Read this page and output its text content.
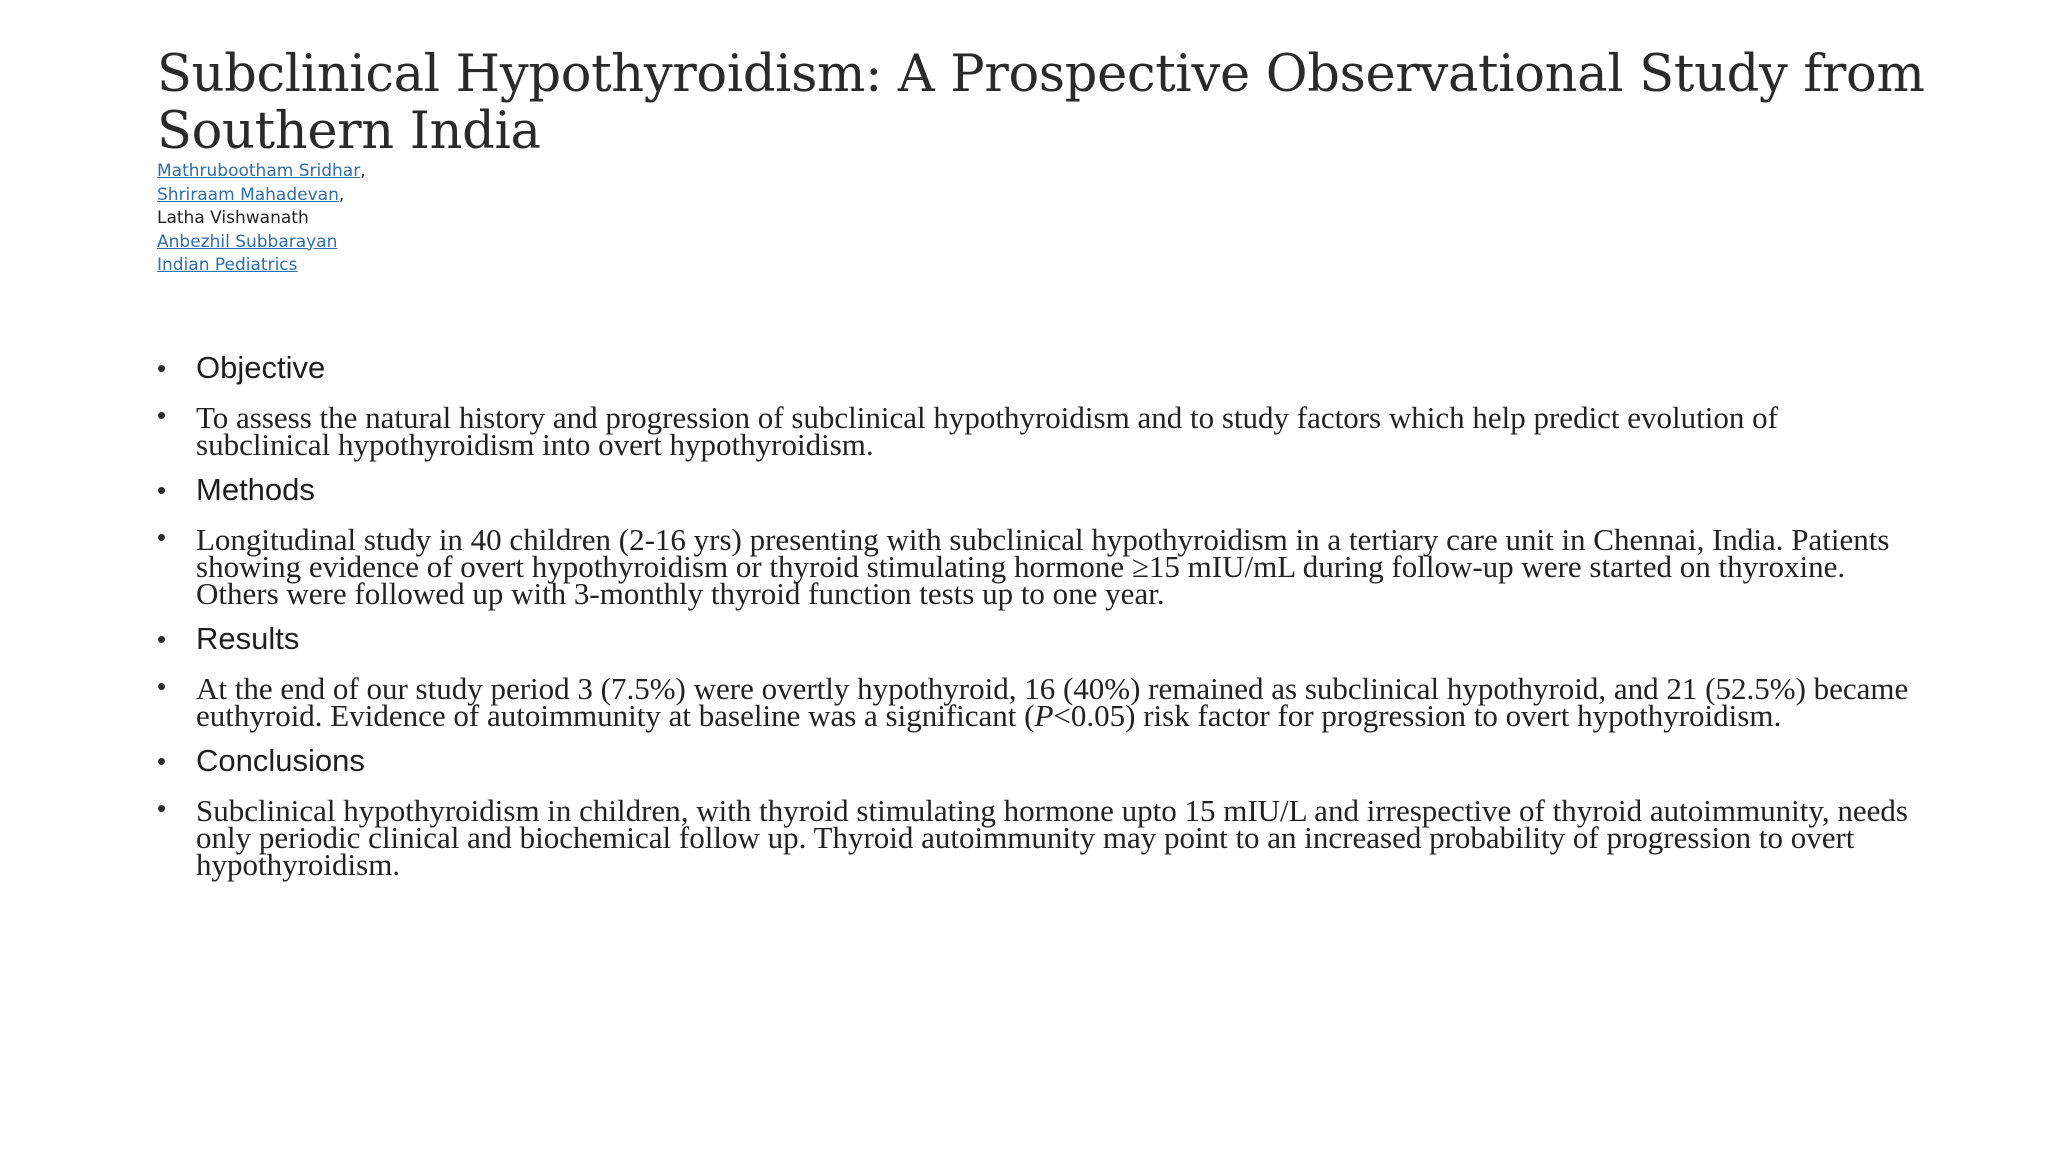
Subclinical Hypothyroidism: A Prospective Observational Study from Southern India
Mathrubootham Sridhar,
Shriraam Mahadevan,
Latha Vishwanath
Anbezhil Subbarayan
Indian Pediatrics
• Objective
• To assess the natural history and progression of subclinical hypothyroidism and to study factors which help predict evolution of subclinical hypothyroidism into overt hypothyroidism.
• Methods
• Longitudinal study in 40 children (2-16 yrs) presenting with subclinical hypothyroidism in a tertiary care unit in Chennai, India. Patients showing evidence of overt hypothyroidism or thyroid stimulating hormone ≥15 mIU/mL during follow-up were started on thyroxine. Others were followed up with 3-monthly thyroid function tests up to one year.
• Results
• At the end of our study period 3 (7.5%) were overtly hypothyroid, 16 (40%) remained as subclinical hypothyroid, and 21 (52.5%) became euthyroid. Evidence of autoimmunity at baseline was a significant (P<0.05) risk factor for progression to overt hypothyroidism.
• Conclusions
• Subclinical hypothyroidism in children, with thyroid stimulating hormone upto 15 mIU/L and irrespective of thyroid autoimmunity, needs only periodic clinical and biochemical follow up. Thyroid autoimmunity may point to an increased probability of progression to overt hypothyroidism.
